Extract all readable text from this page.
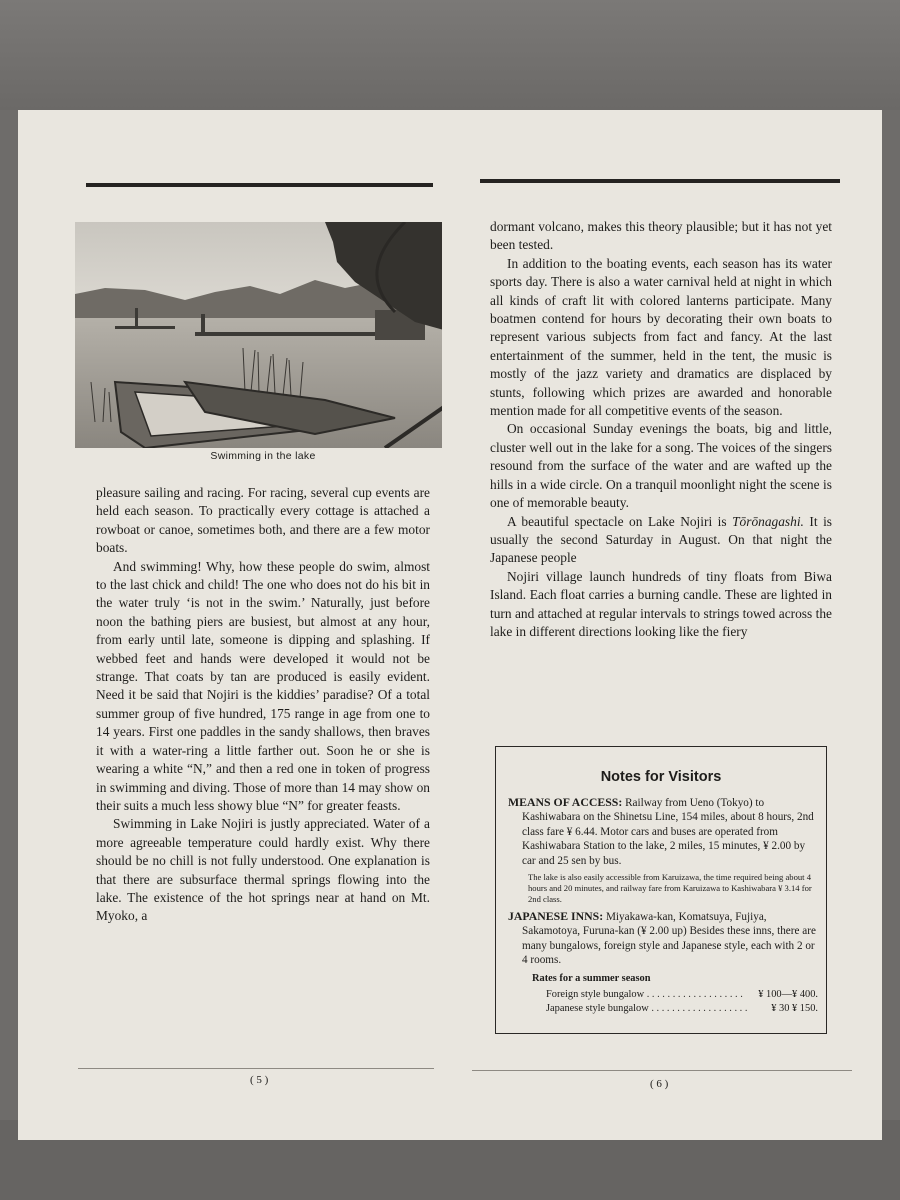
Swimming in the lake

pleasure sailing and racing. For racing, several cup events are held each season. To practically every cottage is attached a rowboat or canoe, sometimes both, and there are a few motor boats.

And swimming! Why, how these people do swim, almost to the last chick and child! The one who does not do his bit in the water truly ‘is not in the swim.’ Naturally, just before noon the bathing piers are busiest, but almost at any hour, from early until late, someone is dipping and splashing. If webbed feet and hands were developed it would not be strange. That coats by tan are produced is easily evident. Need it be said that Nojiri is the kiddies’ paradise? Of a total summer group of five hundred, 175 range in age from one to 14 years. First one paddles in the sandy shallows, then braves it with a water-ring a little farther out. Soon he or she is wearing a white “N,” and then a red one in token of progress in swimming and diving. Those of more than 14 may show on their suits a much less showy blue “N” for greater feasts.

Swimming in Lake Nojiri is justly appreciated. Water of a more agreeable temperature could hardly exist. Why there should be no chill is not fully understood. One explanation is that there are subsurface thermal springs flowing into the lake. The existence of the hot springs near at hand on Mt. Myoko, a

( 5 )

dormant volcano, makes this theory plausible; but it has not yet been tested.

In addition to the boating events, each season has its water sports day. There is also a water carnival held at night in which all kinds of craft lit with colored lanterns participate. Many boatmen contend for hours by decorating their own boats to represent various subjects from fact and fancy. At the last entertainment of the summer, held in the tent, the music is mostly of the jazz variety and dramatics are displaced by stunts, following which prizes are awarded and honorable mention made for all competitive events of the season.

On occasional Sunday evenings the boats, big and little, cluster well out in the lake for a song. The voices of the singers resound from the surface of the water and are wafted up the hills in a wide circle. On a tranquil moonlight night the scene is one of memorable beauty.

A beautiful spectacle on Lake Nojiri is Tōrōnagashi. It is usually the second Saturday in August. On that night the Japanese people

Nojiri village launch hundreds of tiny floats from Biwa Island. Each float carries a burning candle. These are lighted in turn and attached at regular intervals to strings towed across the lake in different directions looking like the fiery

Notes for Visitors

MEANS OF ACCESS: Railway from Ueno (Tokyo) to Kashiwabara on the Shinetsu Line, 154 miles, about 8 hours, 2nd class fare ¥ 6.44. Motor cars and buses are operated from Kashiwabara Station to the lake, 2 miles, 15 minutes, ¥ 2.00 by car and 25 sen by bus.

The lake is also easily accessible from Karuizawa, the time required being about 4 hours and 20 minutes, and railway fare from Karuizawa to Kashiwabara ¥ 3.14 for 2nd class.

JAPANESE INNS: Miyakawa-kan, Komatsuya, Fujiya, Sakamotoya, Furuna-kan (¥ 2.00 up) Besides these inns, there are many bungalows, foreign style and Japanese style, each with 2 or 4 rooms.

Rates for a summer season

Foreign style bungalow . . . . . . . . . . . . . . . . . . .	¥ 100—¥ 400.
Japanese style bungalow . . . . . . . . . . . . . . . . . . .	¥ 30 ¥ 150.
( 6 )
